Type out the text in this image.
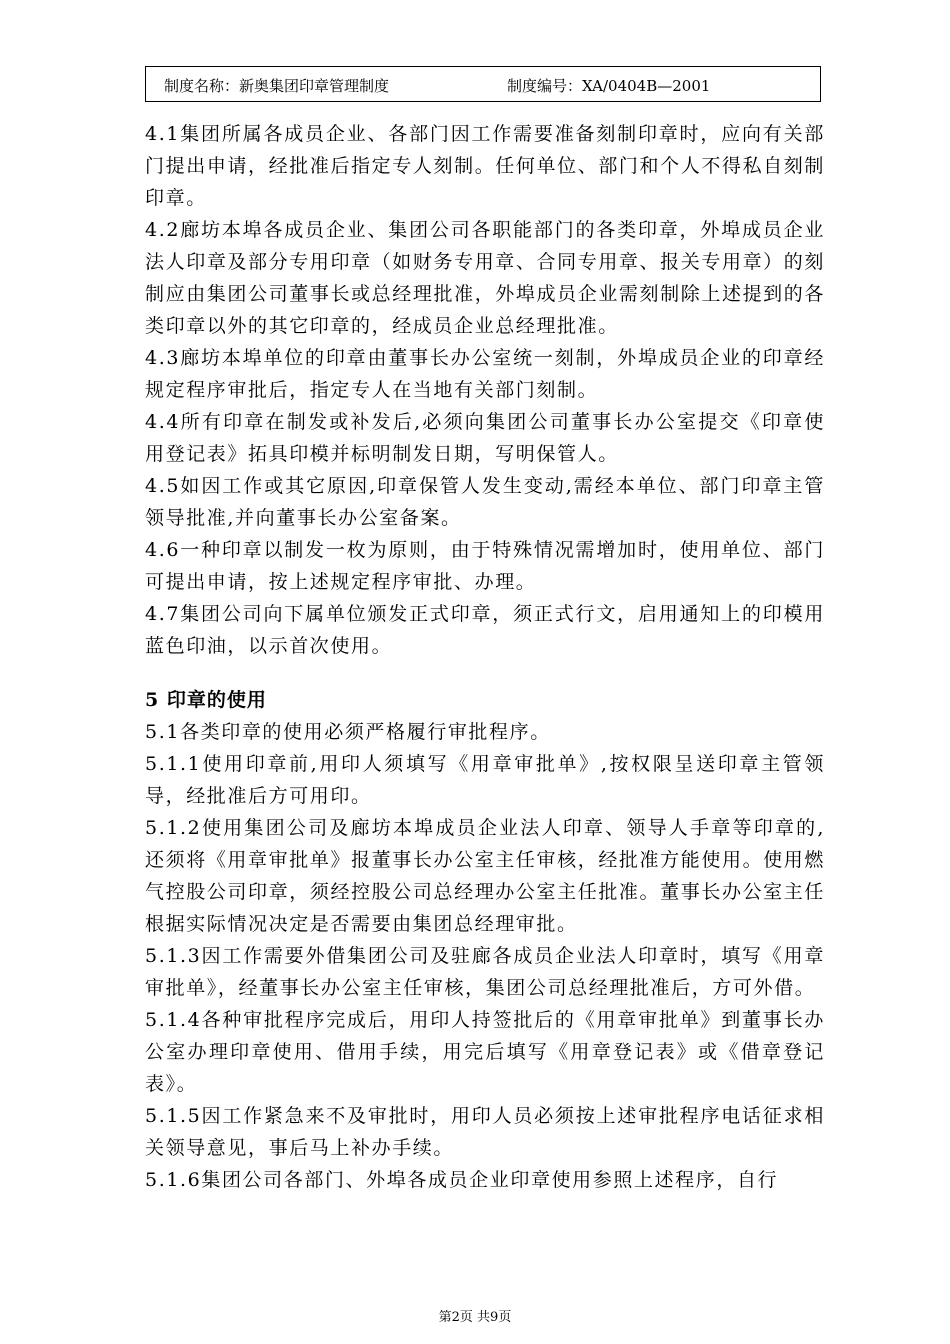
制度名称：新奥集团印章管理制度	制度编号：XA/0404B—2001

4.1集团所属各成员企业、各部门因工作需要准备刻制印章时，应向有关部门提出申请，经批准后指定专人刻制。任何单位、部门和个人不得私自刻制印章。

4.2廊坊本埠各成员企业、集团公司各职能部门的各类印章，外埠成员企业法人印章及部分专用印章（如财务专用章、合同专用章、报关专用章）的刻制应由集团公司董事长或总经理批准，外埠成员企业需刻制除上述提到的各类印章以外的其它印章的，经成员企业总经理批准。

4.3廊坊本埠单位的印章由董事长办公室统一刻制，外埠成员企业的印章经规定程序审批后，指定专人在当地有关部门刻制。

4.4所有印章在制发或补发后,必须向集团公司董事长办公室提交《印章使用登记表》拓具印模并标明制发日期，写明保管人。

4.5如因工作或其它原因,印章保管人发生变动,需经本单位、部门印章主管领导批准,并向董事长办公室备案。

4.6一种印章以制发一枚为原则，由于特殊情况需增加时，使用单位、部门可提出申请，按上述规定程序审批、办理。

4.7集团公司向下属单位颁发正式印章，须正式行文，启用通知上的印模用蓝色印油，以示首次使用。

5 印章的使用

5.1各类印章的使用必须严格履行审批程序。

5.1.1使用印章前,用印人须填写《用章审批单》,按权限呈送印章主管领导，经批准后方可用印。

5.1.2使用集团公司及廊坊本埠成员企业法人印章、领导人手章等印章的,还须将《用章审批单》报董事长办公室主任审核，经批准方能使用。使用燃气控股公司印章，须经控股公司总经理办公室主任批准。董事长办公室主任根据实际情况决定是否需要由集团总经理审批。

5.1.3因工作需要外借集团公司及驻廊各成员企业法人印章时，填写《用章审批单》，经董事长办公室主任审核，集团公司总经理批准后，方可外借。

5.1.4各种审批程序完成后，用印人持签批后的《用章审批单》到董事长办公室办理印章使用、借用手续，用完后填写《用章登记表》或《借章登记表》。

5.1.5因工作紧急来不及审批时，用印人员必须按上述审批程序电话征求相关领导意见，事后马上补办手续。

5.1.6集团公司各部门、外埠各成员企业印章使用参照上述程序，自行

第2页 共9页
